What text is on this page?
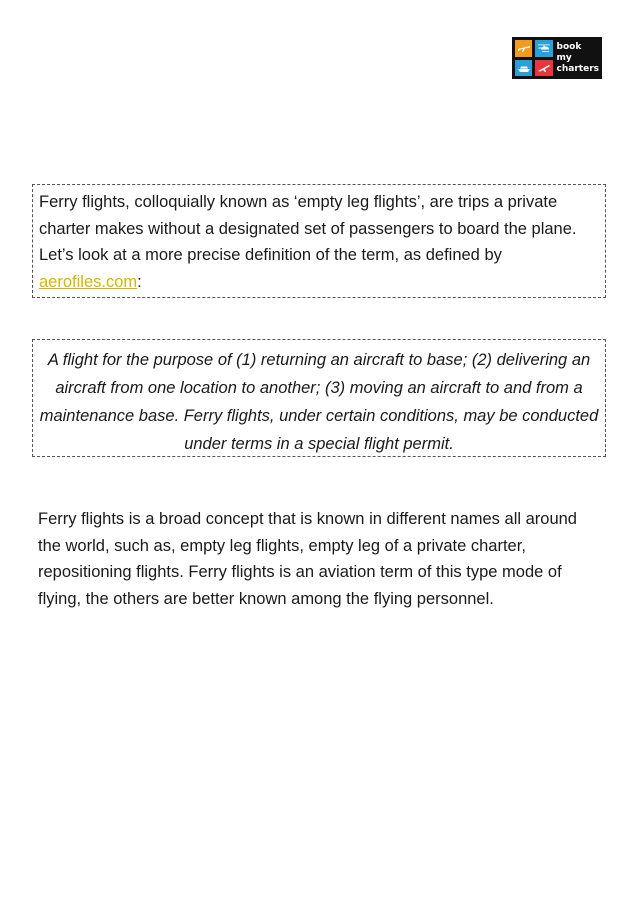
book
my
charters

Ferry flights, colloquially known as ‘empty leg flights’, are trips a private charter makes without a designated set of passengers to board the plane. Let’s look at a more precise definition of the term, as defined by aerofiles.com:

A flight for the purpose of (1) returning an aircraft to base; (2) delivering an aircraft from one location to another; (3) moving an aircraft to and from a maintenance base. Ferry flights, under certain conditions, may be conducted under terms in a special flight permit.

Ferry flights is a broad concept that is known in different names all around the world, such as, empty leg flights, empty leg of a private charter, repositioning flights. Ferry flights is an aviation term of this type mode of flying, the others are better known among the flying personnel.
